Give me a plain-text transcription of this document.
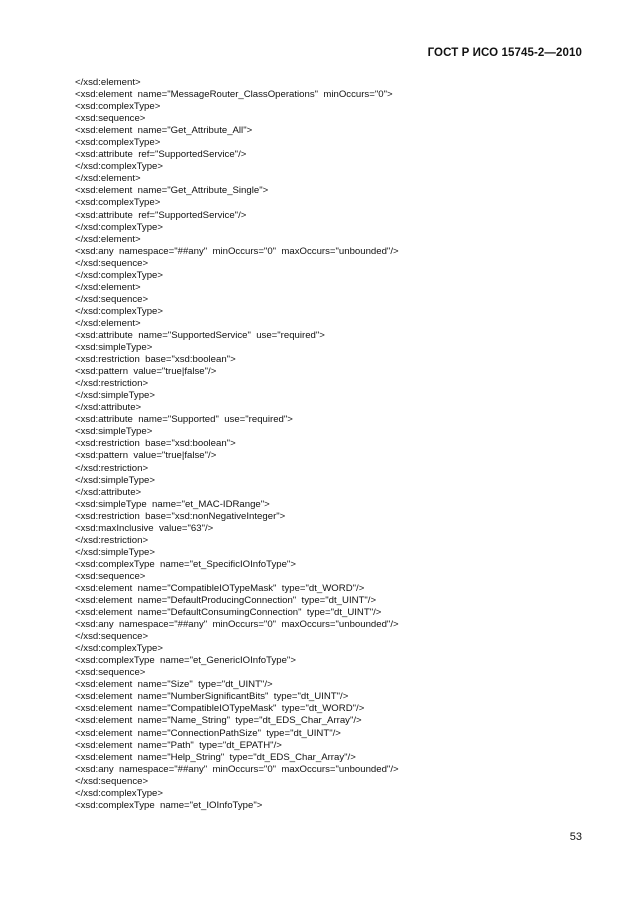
ГОСТ Р ИСО 15745-2—2010
</xsd:element>
<xsd:element  name="MessageRouter_ClassOperations"  minOccurs="0">
<xsd:complexType>
<xsd:sequence>
<xsd:element  name="Get_Attribute_All">
<xsd:complexType>
<xsd:attribute  ref="SupportedService"/>
</xsd:complexType>
</xsd:element>
<xsd:element  name="Get_Attribute_Single">
<xsd:complexType>
<xsd:attribute  ref="SupportedService"/>
</xsd:complexType>
</xsd:element>
<xsd:any  namespace="##any"  minOccurs="0"  maxOccurs="unbounded"/>
</xsd:sequence>
</xsd:complexType>
</xsd:element>
</xsd:sequence>
</xsd:complexType>
</xsd:element>
<xsd:attribute  name="SupportedService"  use="required">
<xsd:simpleType>
<xsd:restriction  base="xsd:boolean">
<xsd:pattern  value="true|false"/>
</xsd:restriction>
</xsd:simpleType>
</xsd:attribute>
<xsd:attribute  name="Supported"  use="required">
<xsd:simpleType>
<xsd:restriction  base="xsd:boolean">
<xsd:pattern  value="true|false"/>
</xsd:restriction>
</xsd:simpleType>
</xsd:attribute>
<xsd:simpleType  name="et_MAC-IDRange">
<xsd:restriction  base="xsd:nonNegativeInteger">
<xsd:maxInclusive  value="63"/>
</xsd:restriction>
</xsd:simpleType>
<xsd:complexType  name="et_SpecificIOInfoType">
<xsd:sequence>
<xsd:element  name="CompatibleIOTypeMask"  type="dt_WORD"/>
<xsd:element  name="DefaultProducingConnection"  type="dt_UINT"/>
<xsd:element  name="DefaultConsumingConnection"  type="dt_UINT"/>
<xsd:any  namespace="##any"  minOccurs="0"  maxOccurs="unbounded"/>
</xsd:sequence>
</xsd:complexType>
<xsd:complexType  name="et_GenericIOInfoType">
<xsd:sequence>
<xsd:element  name="Size"  type="dt_UINT"/>
<xsd:element  name="NumberSignificantBits"  type="dt_UINT"/>
<xsd:element  name="CompatibleIOTypeMask"  type="dt_WORD"/>
<xsd:element  name="Name_String"  type="dt_EDS_Char_Array"/>
<xsd:element  name="ConnectionPathSize"  type="dt_UINT"/>
<xsd:element  name="Path"  type="dt_EPATH"/>
<xsd:element  name="Help_String"  type="dt_EDS_Char_Array"/>
<xsd:any  namespace="##any"  minOccurs="0"  maxOccurs="unbounded"/>
</xsd:sequence>
</xsd:complexType>
<xsd:complexType  name="et_IOInfoType">
53
